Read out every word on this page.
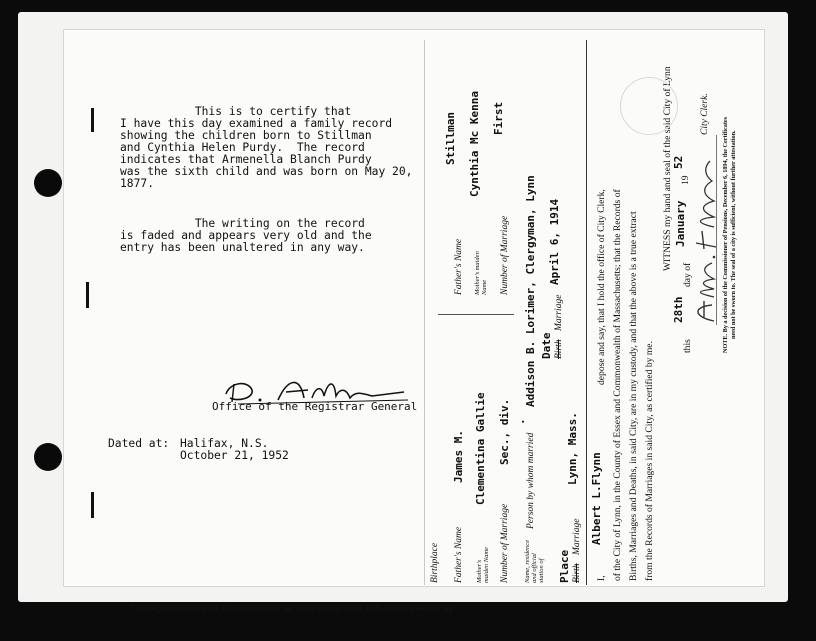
This Application and Affidavit must be fully completed and accompanied by
This is to certify that
I have this day examined a family record
showing the children born to Stillman
and Cynthia Helen Purdy.  The record
indicates that Armenella Blanch Purdy
was the sixth child and was born on May 20,
1877.
The writing on the record
is faded and appears very old and the
entry has been unaltered in any way.
Office of the Registrar General
Dated at: Halifax, N.S.
October 21, 1952
Birthplace Father's Name
James M.
Mother's maiden Name
Clementina Gallie
Number of Marriage
Sec., div. .
Father's Name
Stillman
Mother's maiden Name
Cynthia Mc Kenna
Number of Marriage
First
Name, residence and official station of
Person by whom married
Addison B. Lorimer, Clergyman, Lynn Date Birth
Marriage
April 6, 1914
Place Birth
Marriage
Lynn, Mass.
I,
Albert L.Flynn
depose and say, that I hold the office of City Clerk, of the City of Lynn, in the County of Essex and Commonwealth of Massachusetts; that the Records of Births, Marriages and Deaths, in said City, are in my custody, and that the above is a true extract from the Records of Marriages in said City, as certified by me.
WITNESS my hand and seal of the said City of Lynn
this
28th
day of
January
19
52
City Clerk.
NOTE. By a decision of the Commissioner of Pensions, December 6, 1894, the Certificates need not be sworn to. The seal of a city is sufficient, without further attestation.
